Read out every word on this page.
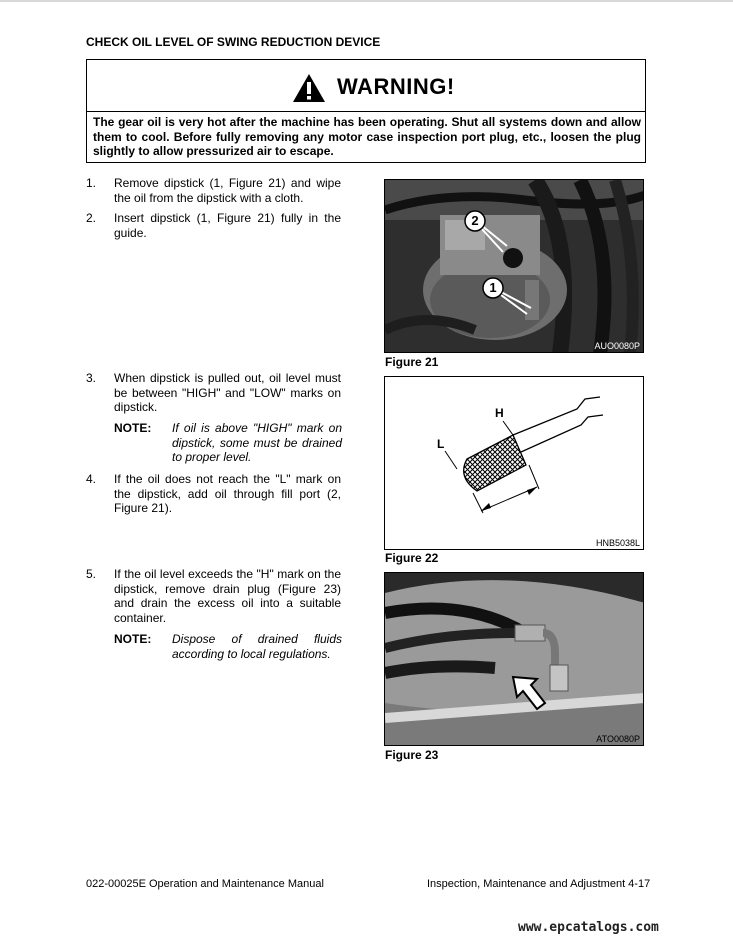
CHECK OIL LEVEL OF SWING REDUCTION DEVICE
WARNING!
The gear oil is very hot after the machine has been operating. Shut all systems down and allow them to cool. Before fully removing any motor case inspection port plug, etc., loosen the plug slightly to allow pressurized air to escape.
1. Remove dipstick (1, Figure 21) and wipe the oil from the dipstick with a cloth.
2. Insert dipstick (1, Figure 21) fully in the guide.
3. When dipstick is pulled out, oil level must be between "HIGH" and "LOW" marks on dipstick.
NOTE: If oil is above "HIGH" mark on dipstick, some must be drained to proper level.
4. If the oil does not reach the "L" mark on the dipstick, add oil through fill port (2, Figure 21).
5. If the oil level exceeds the "H" mark on the dipstick, remove drain plug (Figure 23) and drain the excess oil into a suitable container.
NOTE: Dispose of drained fluids according to local regulations.
2
1
AUO0080P
Figure 21
H
L
HNB5038L
Figure 22
ATO0080P
Figure 23
022-00025E Operation and Maintenance Manual	Inspection, Maintenance and Adjustment 4-17
www.epcatalogs.com
